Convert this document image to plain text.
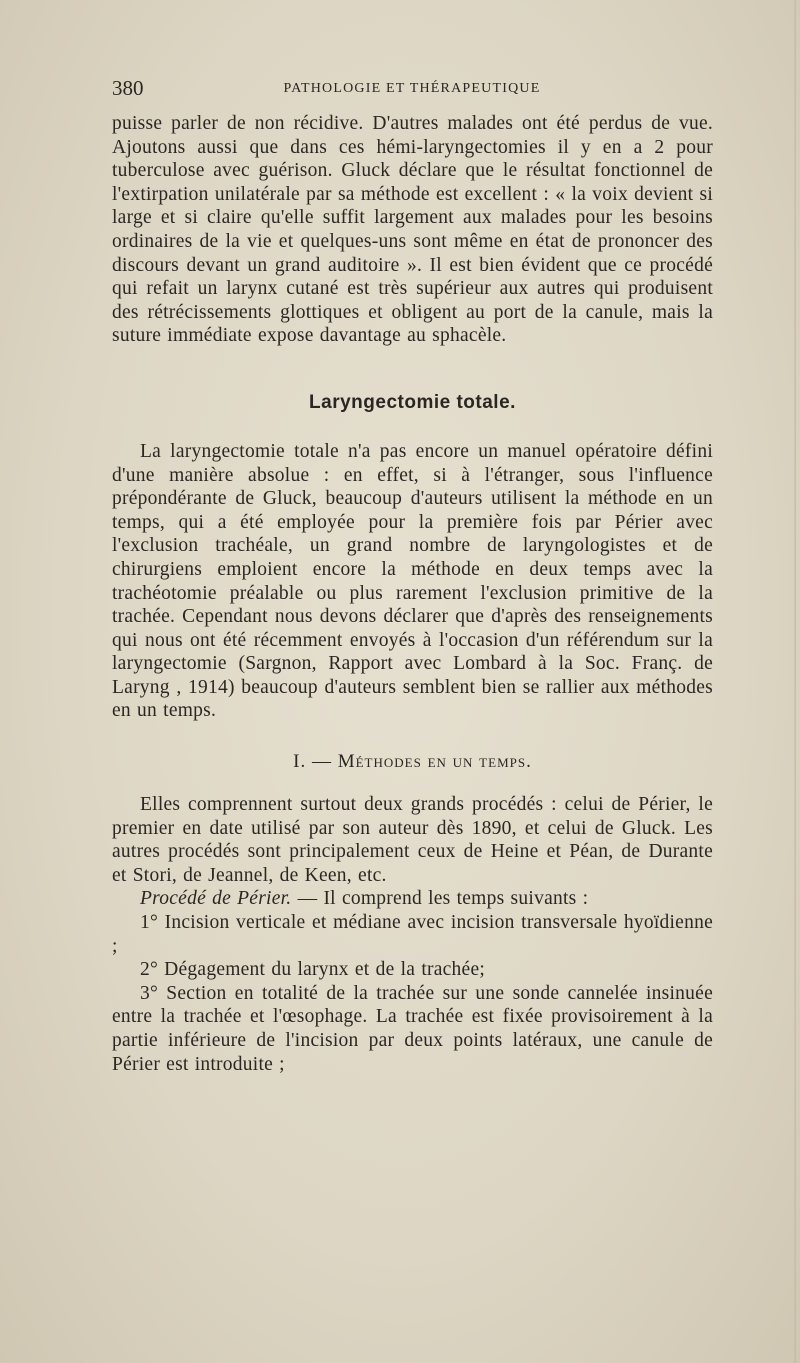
380	PATHOLOGIE ET THÉRAPEUTIQUE

puisse parler de non récidive. D'autres malades ont été perdus de vue. Ajoutons aussi que dans ces hémi-laryngectomies il y en a 2 pour tuberculose avec guérison. Gluck déclare que le résultat fonctionnel de l'extirpation unilatérale par sa méthode est excellent : « la voix devient si large et si claire qu'elle suffit largement aux malades pour les besoins ordinaires de la vie et quelques-uns sont même en état de prononcer des discours devant un grand auditoire ». Il est bien évident que ce procédé qui refait un larynx cutané est très supérieur aux autres qui produisent des rétrécissements glottiques et obligent au port de la canule, mais la suture immédiate expose davantage au sphacèle.

Laryngectomie totale.

La laryngectomie totale n'a pas encore un manuel opératoire défini d'une manière absolue : en effet, si à l'étranger, sous l'influence prépondérante de Gluck, beaucoup d'auteurs utilisent la méthode en un temps, qui a été employée pour la première fois par Périer avec l'exclusion trachéale, un grand nombre de laryngologistes et de chirurgiens emploient encore la méthode en deux temps avec la trachéotomie préalable ou plus rarement l'exclusion primitive de la trachée. Cependant nous devons déclarer que d'après des renseignements qui nous ont été récemment envoyés à l'occasion d'un référendum sur la laryngectomie (Sargnon, Rapport avec Lombard à la Soc. Franç. de Laryng , 1914) beaucoup d'auteurs semblent bien se rallier aux méthodes en un temps.

I. — Méthodes en un temps.

Elles comprennent surtout deux grands procédés : celui de Périer, le premier en date utilisé par son auteur dès 1890, et celui de Gluck. Les autres procédés sont principalement ceux de Heine et Péan, de Durante et Stori, de Jeannel, de Keen, etc.

Procédé de Périer. — Il comprend les temps suivants :

1° Incision verticale et médiane avec incision transversale hyoïdienne ;

2° Dégagement du larynx et de la trachée;

3° Section en totalité de la trachée sur une sonde cannelée insinuée entre la trachée et l'œsophage. La trachée est fixée provisoirement à la partie inférieure de l'incision par deux points latéraux, une canule de Périer est introduite ;
